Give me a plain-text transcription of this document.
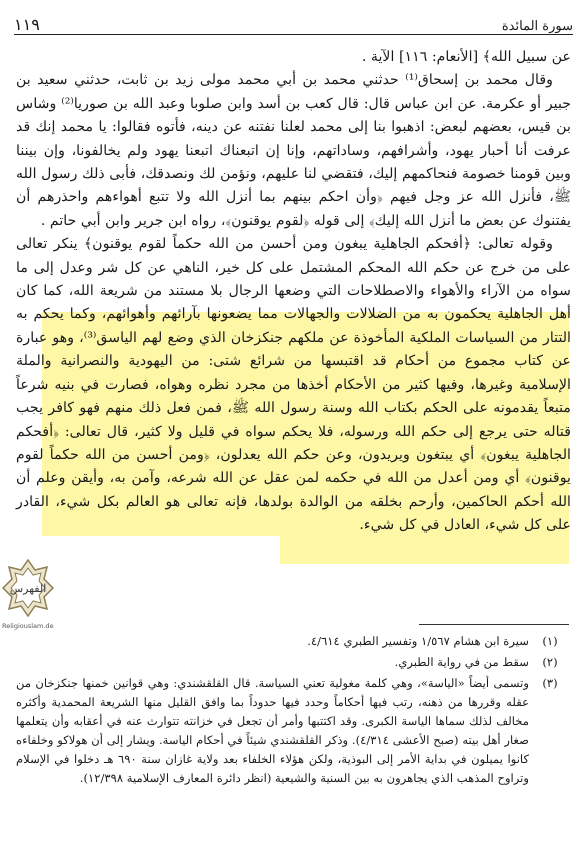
سورة المائدة
١١٩

عن سبيل الله﴾ [الأنعام: ١١٦] الآية .

وقال محمد بن إسحاق⁽¹⁾ حدثني محمد بن أبي محمد مولى زيد بن ثابت، حدثني سعيد بن جبير أو عكرمة. عن ابن عباس قال: قال كعب بن أسد وابن صلوبا وعبد الله بن صوريا⁽²⁾ وشاس بن قيس، بعضهم لبعض: اذهبوا بنا إلى محمد لعلنا نفتنه عن دينه، فأتوه فقالوا: يا محمد إنك قد عرفت أنا أحبار يهود، وأشرافهم، وسادات‍هم، وإنا إن اتبعناك اتبعنا يهود ولم يخالفونا، وإن بيننا وبين قومنا خصومة فنحاكمهم إليك، فتقضي لنا عليهم، ونؤمن لك ونصدقك، فأبى ذلك رسول الله ﷺ، فأنزل الله عز وجل فيهم ﴿وأن احكم بينهم بما أنزل الله ولا تتبع أهواءهم واحذرهم أن يفتنوك عن بعض ما أنزل الله إليك﴾ إلى قوله ﴿لقوم يوقنون﴾، رواه ابن جرير وابن أبي حاتم .

وقوله تعالى: ﴿أفحكم الجاهلية يبغون ومن أحسن من الله حكماً لقوم يوقنون﴾ ينكر تعالى على من خرج عن حكم الله المحكم المشتمل على كل خير، الناهي عن كل شر وعدل إلى ما سواه من الآراء والأهواء والاصطلاحات التي وضعها الرجال بلا مستند من شريعة الله، كما كان أهل الجاهلية يحكمون به من الضلالات والجهالات مما يضعونها بآرائهم وأهوائهم، وكما يحكم به التتار من السياسات الملكية المأخوذة عن ملكهم جنكزخان الذي وضع لهم الياسق⁽³⁾، وهو عبارة عن كتاب مجموع من أحكام قد اقتبسها من شرائع شتى: من اليهودية والنصرانية والملة الإسلامية وغيرها، وفيها كثير من الأحكام أخذها من مجرد نظره وهواه، فصارت في بنيه شرعاً متبعاً يقدمونه على الحكم بكتاب الله وسنة رسول الله ﷺ، فمن فعل ذلك منهم فهو كافر يجب قتاله حتى يرجع إلى حكم الله ورسوله، فلا يحكم سواه في قليل ولا كثير، قال تعالى: ﴿أفحكم الجاهلية يبغون﴾ أي يبتغون ويريدون، وعن حكم الله يعدلون، ﴿ومن أحسن من الله حكماً لقوم يوقنون﴾ أي ومن أعدل من الله في حكمه لمن عقل عن الله شرعه، وآمن به، وأيقن وعلم أن الله أحكم الحاكمين، وأرحم بخلقه من الوالدة بولدها، فإنه تعالى هو العالم بكل شيء، القادر على كل شيء، العادل في كل شيء.

الفهرس
Religiouslam.de
(١)
سيرة ابن هشام ١/٥٦٧ وتفسير الطبري ٤/٦١٤.
(٢)
سقط من في رواية الطبري.
(٣)
وتسمى أيضاً «الياسة»، وهي كلمة مغولية تعني السياسة. قال القلقشندي: وهي قوانين خمنها جنكزخان من عقله وقررها من ذهنه، رتب فيها أحكاماً وحدد فيها حدوداً بما وافق القليل منها الشريعة المحمدية وأكثره مخالف لذلك سماها الياسة الكبرى. وقد اكتتبها وأمر أن تجعل في خزانته تتوارث عنه في أعقابه وأن يتعلمها صغار أهل بيته (صبح الأعشى ٤/٣١٤). وذكر القلقشندي شيئاً في أحكام الياسة. ويشار إلى أن هولاكو وخلفاءه كانوا يميلون في بداية الأمر إلى البوذية، ولكن هؤلاء الخلفاء بعد ولاية غازان سنة ٦٩٠ هـ دخلوا في الإسلام وتراوح المذهب الذي يجاهرون به بين السنية والشيعية (انظر دائرة المعارف الإسلامية ١٢/٣٩٨).
